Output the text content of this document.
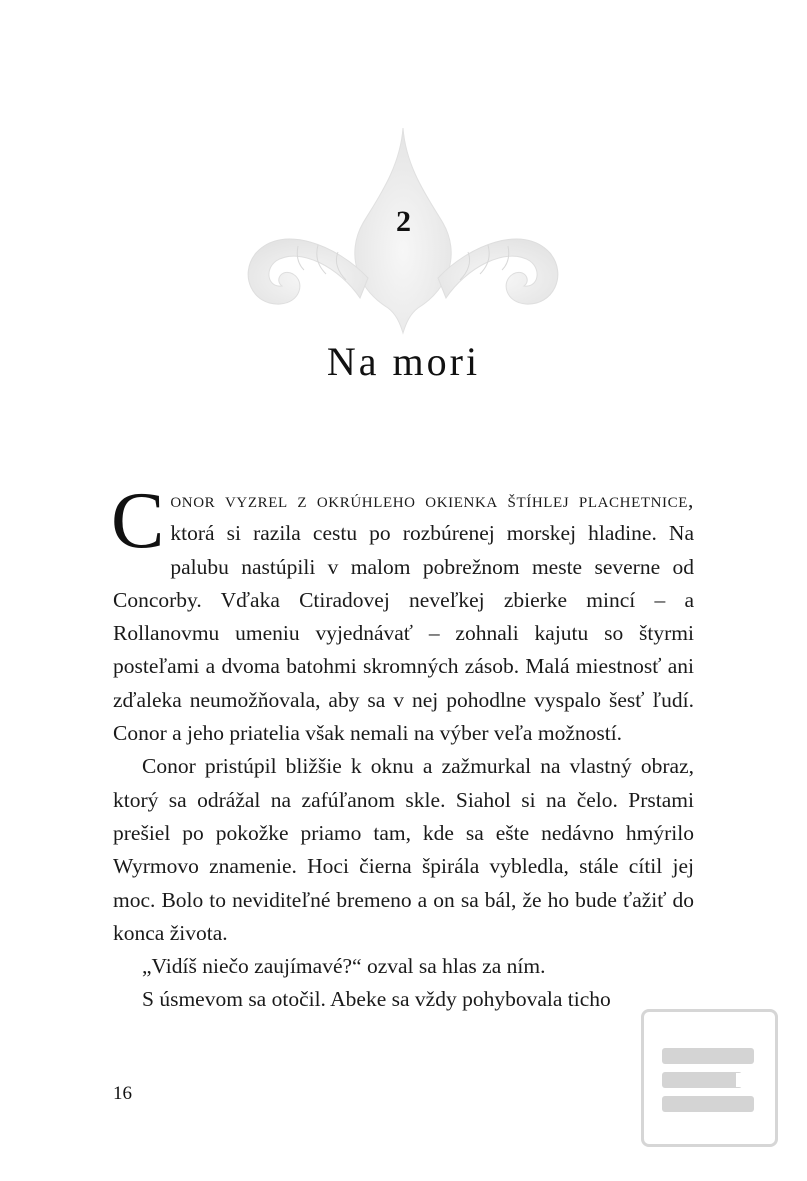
2
Na mori

Conor vyzrel z okrúhleho okienka štíhlej plachetnice, ktorá si razila cestu po rozbúrenej morskej hladine. Na palubu nastúpili v malom pobrežnom meste severne od Concorby. Vďaka Ctiradovej neveľkej zbierke mincí – a Rollanovmu umeniu vyjednávať – zohnali kajutu so štyrmi posteľami a dvoma batohmi skromných zásob. Malá miestnosť ani zďaleka neumožňovala, aby sa v nej pohodlne vyspalo šesť ľudí. Conor a jeho priatelia však nemali na výber veľa možností.

Conor pristúpil bližšie k oknu a zažmurkal na vlastný obraz, ktorý sa odrážal na zafúľanom skle. Siahol si na čelo. Prstami prešiel po pokožke priamo tam, kde sa ešte nedávno hmýrilo Wyrmovo znamenie. Hoci čierna špirála vybledla, stále cítil jej moc. Bolo to neviditeľné bremeno a on sa bál, že ho bude ťažiť do konca života.

„Vidíš niečo zaujímavé?“ ozval sa hlas za ním.

S úsmevom sa otočil. Abeke sa vždy pohybovala ticho

16
